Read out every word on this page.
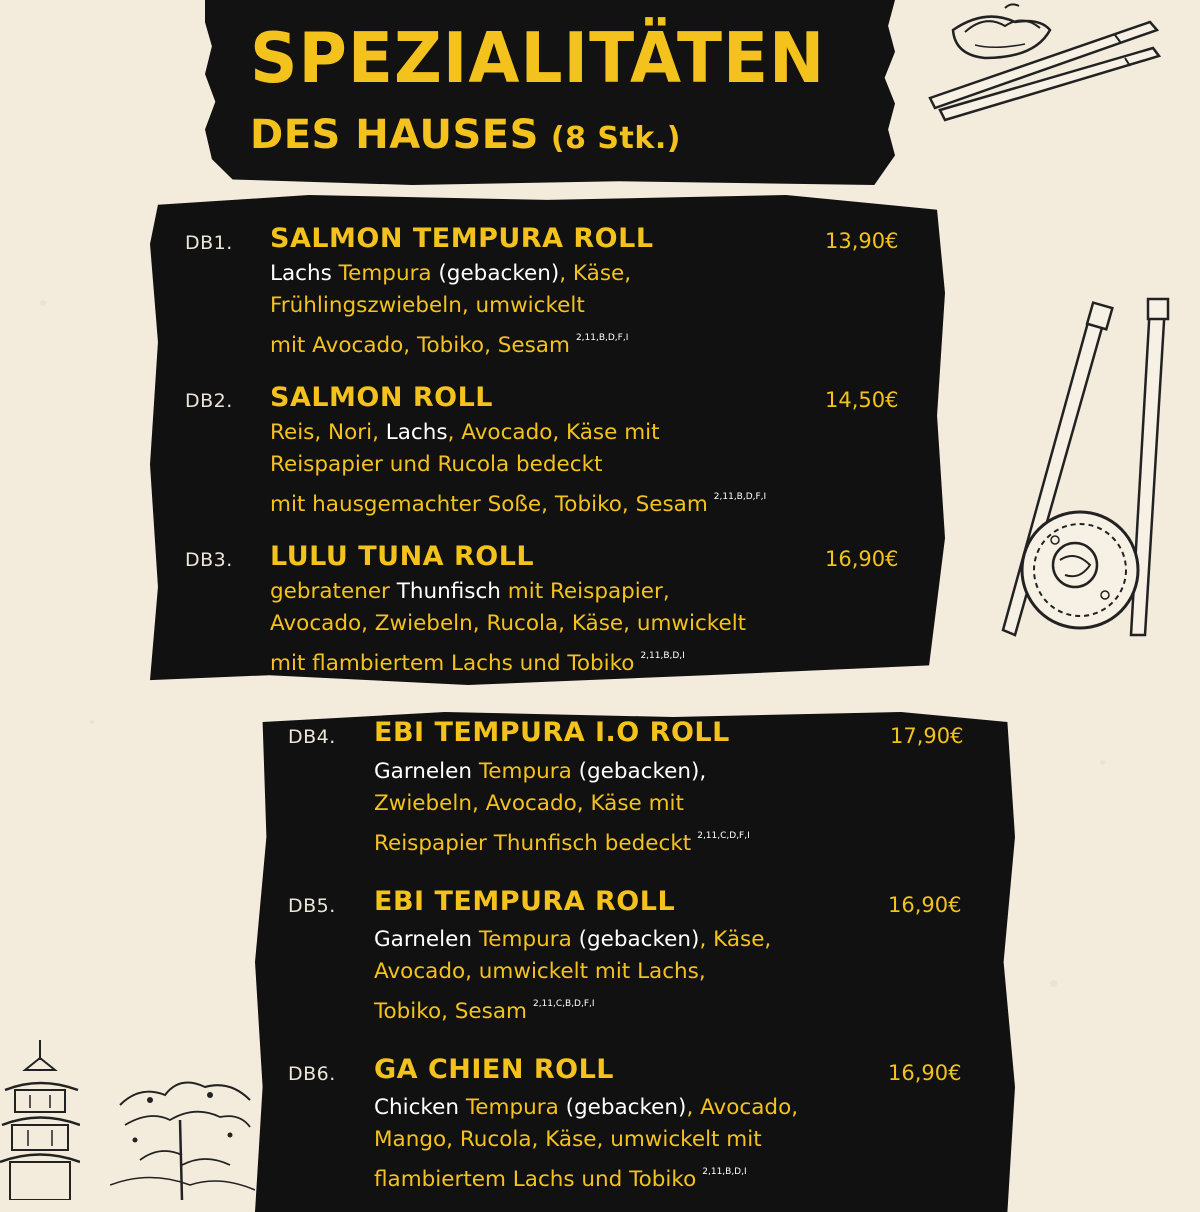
SPEZIALITÄTEN
DES HAUSES (8 Stk.)
DB1. SALMON TEMPURA ROLL	13,90€
Lachs Tempura (gebacken), Käse,
Frühlingszwiebeln, umwickelt
mit Avocado, Tobiko, Sesam $^{2,11,B,D,F,I}$
DB2. SALMON ROLL	14,50€
Reis, Nori, Lachs, Avocado, Käse mit
Reispapier und Rucola bedeckt
mit hausgemachter Soße, Tobiko, Sesam $^{2,11,B,D,F,I}$
DB3. LULU TUNA ROLL	16,90€
gebratener Thunfisch mit Reispapier,
Avocado, Zwiebeln, Rucola, Käse, umwickelt
mit flambiertem Lachs und Tobiko $^{2,11,B,D,I}$
DB4. EBI TEMPURA I.O ROLL	17,90€
Garnelen Tempura (gebacken),
Zwiebeln, Avocado, Käse mit
Reispapier Thunfisch bedeckt $^{2,11,C,D,F,I}$
DB5. EBI TEMPURA ROLL	16,90€
Garnelen Tempura (gebacken), Käse,
Avocado, umwickelt mit Lachs,
Tobiko, Sesam $^{2,11,C,B,D,F,I}$
DB6. GA CHIEN ROLL	16,90€
Chicken Tempura (gebacken), Avocado,
Mango, Rucola, Käse, umwickelt mit
flambiertem Lachs und Tobiko $^{2,11,B,D,I}$
